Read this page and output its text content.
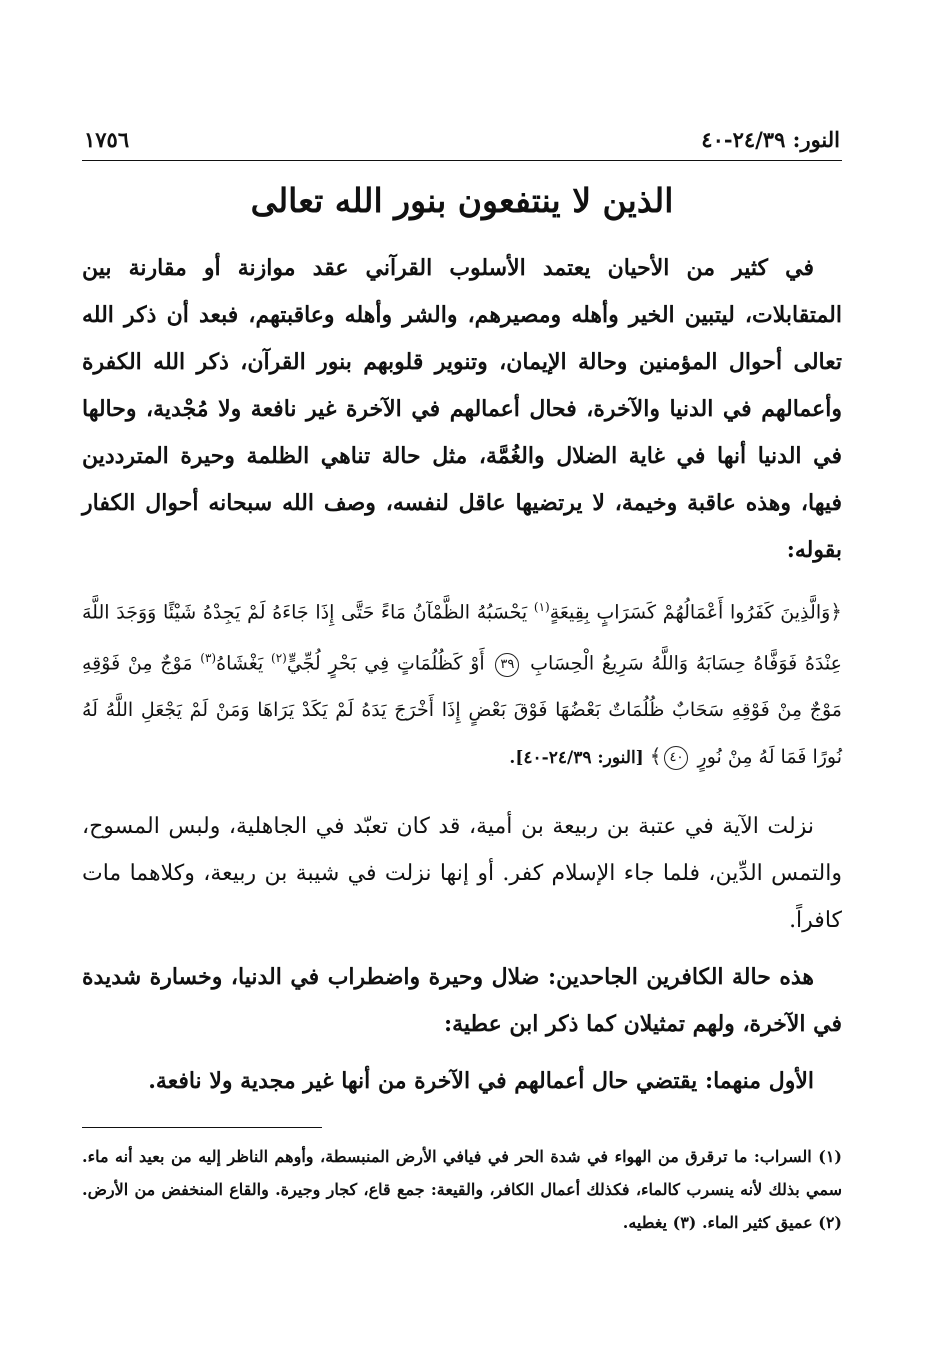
النور: ٢٤/٣٩-٤٠
١٧٥٦
الذين لا ينتفعون بنور الله تعالى

في كثير من الأحيان يعتمد الأسلوب القرآني عقد موازنة أو مقارنة بين المتقابلات، ليتبين الخير وأهله ومصيرهم، والشر وأهله وعاقبتهم، فبعد أن ذكر الله تعالى أحوال المؤمنين وحالة الإيمان، وتنوير قلوبهم بنور القرآن، ذكر الله الكفرة وأعمالهم في الدنيا والآخرة، فحال أعمالهم في الآخرة غير نافعة ولا مُجْدية، وحالها في الدنيا أنها في غاية الضلال والغُمَّة، مثل حالة تناهي الظلمة وحيرة المترددين فيها، وهذه عاقبة وخيمة، لا يرتضيها عاقل لنفسه، وصف الله سبحانه أحوال الكفار بقوله:

﴿وَالَّذِينَ كَفَرُوا أَعْمَالُهُمْ كَسَرَابٍ بِقِيعَةٍ$^{(١)}$ يَحْسَبُهُ الظَّمْآنُ مَاءً حَتَّى إِذَا جَاءَهُ لَمْ يَجِدْهُ شَيْئًا وَوَجَدَ اللَّهَ عِنْدَهُ فَوَفَّاهُ حِسَابَهُ وَاللَّهُ سَرِيعُ الْحِسَابِ ٣٩ أَوْ كَظُلُمَاتٍ فِي بَحْرٍ لُجِّيٍّ$^{(٢)}$ يَغْشَاهُ$^{(٣)}$ مَوْجٌ مِنْ فَوْقِهِ مَوْجٌ مِنْ فَوْقِهِ سَحَابٌ ظُلُمَاتٌ بَعْضُهَا فَوْقَ بَعْضٍ إِذَا أَخْرَجَ يَدَهُ لَمْ يَكَدْ يَرَاهَا وَمَنْ لَمْ يَجْعَلِ اللَّهُ لَهُ نُورًا فَمَا لَهُ مِنْ نُورٍ ٤٠﴾ [النور: ٢٤/٣٩-٤٠].

نزلت الآية في عتبة بن ربيعة بن أمية، قد كان تعبّد في الجاهلية، ولبس المسوح، والتمس الدِّين، فلما جاء الإسلام كفر. أو إنها نزلت في شيبة بن ربيعة، وكلاهما مات كافراً.

هذه حالة الكافرين الجاحدين: ضلال وحيرة واضطراب في الدنيا، وخسارة شديدة في الآخرة، ولهم تمثيلان كما ذكر ابن عطية:

الأول منهما: يقتضي حال أعمالهم في الآخرة من أنها غير مجدية ولا نافعة.

(١) السراب: ما ترقرق من الهواء في شدة الحر في فيافي الأرض المنبسطة، وأوهم الناظر إليه من بعيد أنه ماء. سمي بذلك لأنه ينسرب كالماء، فكذلك أعمال الكافر، والقيعة: جمع قاع، كجار وجيرة. والقاع المنخفض من الأرض. (٢) عميق كثير الماء. (٣) يغطيه.
